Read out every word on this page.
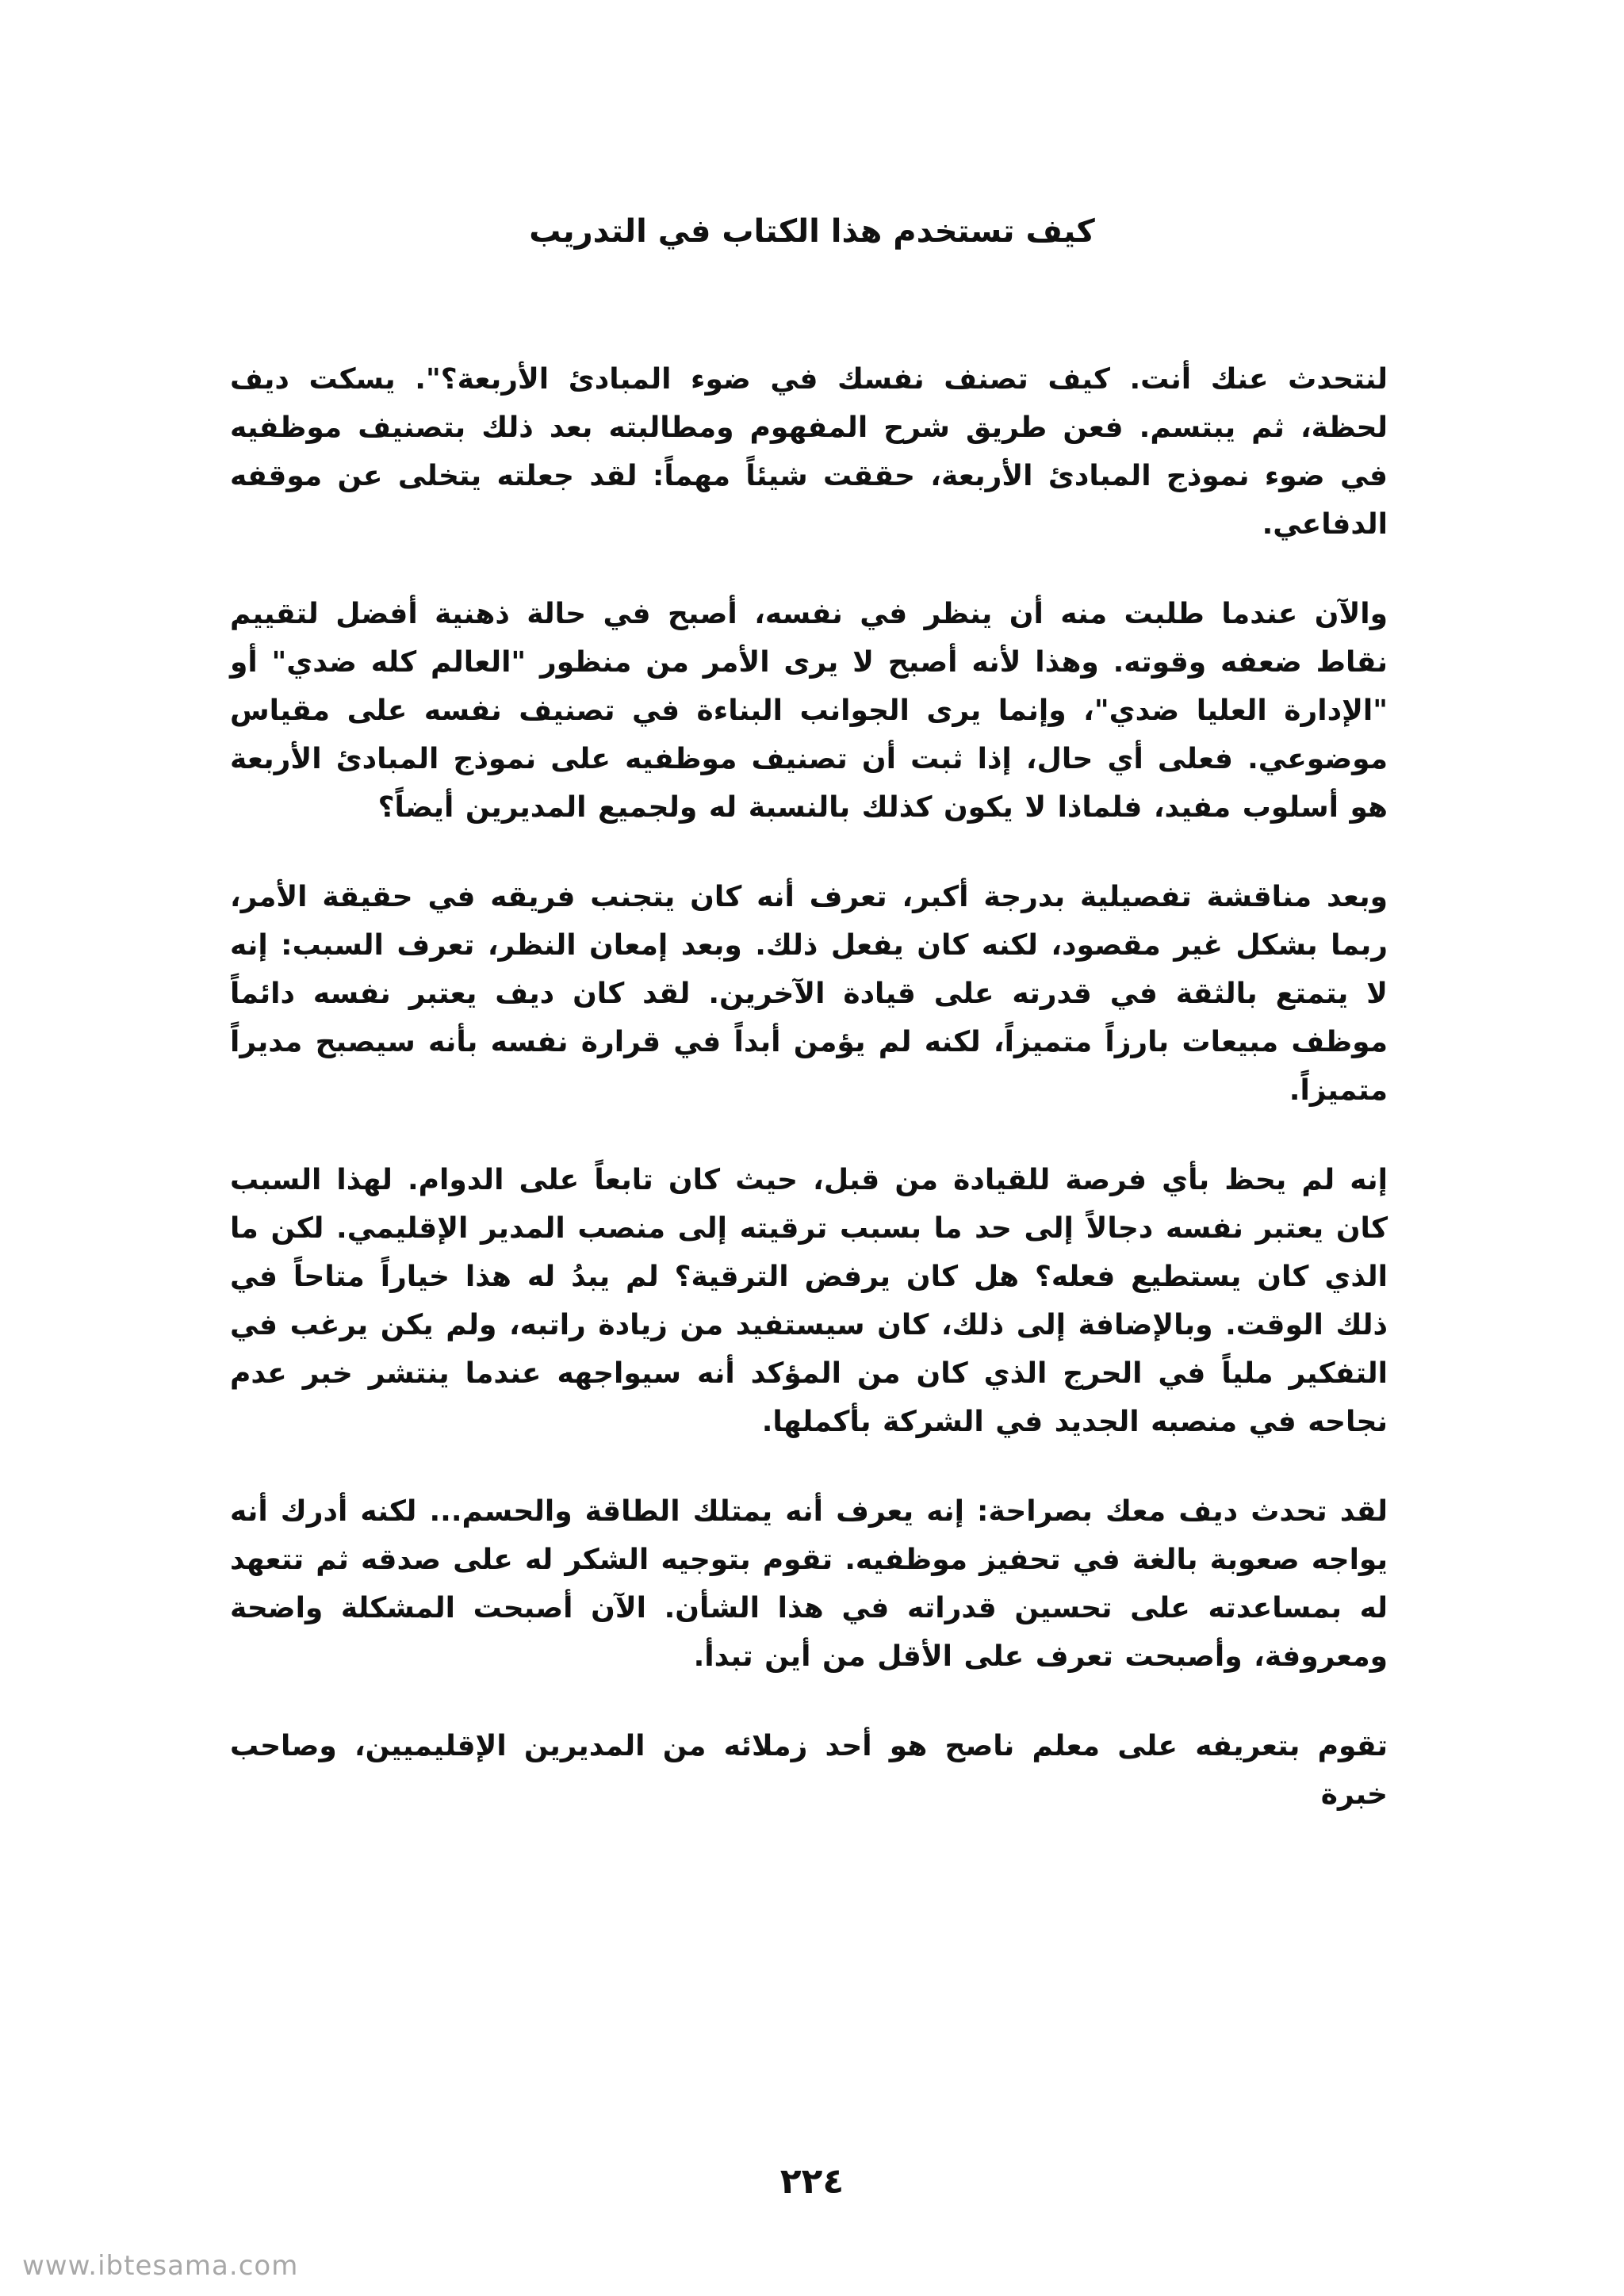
كيف تستخدم هذا الكتاب في التدريب

لنتحدث عنك أنت. كيف تصنف نفسك في ضوء المبادئ الأربعة؟". يسكت ديف لحظة، ثم يبتسم. فعن طريق شرح المفهوم ومطالبته بعد ذلك بتصنيف موظفيه في ضوء نموذج المبادئ الأربعة، حققت شيئاً مهماً: لقد جعلته يتخلى عن موقفه الدفاعي.

والآن عندما طلبت منه أن ينظر في نفسه، أصبح في حالة ذهنية أفضل لتقييم نقاط ضعفه وقوته. وهذا لأنه أصبح لا يرى الأمر من منظور "العالم كله ضدي" أو "الإدارة العليا ضدي"، وإنما يرى الجوانب البناءة في تصنيف نفسه على مقياس موضوعي. فعلى أي حال، إذا ثبت أن تصنيف موظفيه على نموذج المبادئ الأربعة هو أسلوب مفيد، فلماذا لا يكون كذلك بالنسبة له ولجميع المديرين أيضاً؟

وبعد مناقشة تفصيلية بدرجة أكبر، تعرف أنه كان يتجنب فريقه في حقيقة الأمر، ربما بشكل غير مقصود، لكنه كان يفعل ذلك. وبعد إمعان النظر، تعرف السبب: إنه لا يتمتع بالثقة في قدرته على قيادة الآخرين. لقد كان ديف يعتبر نفسه دائماً موظف مبيعات بارزاً متميزاً، لكنه لم يؤمن أبداً في قرارة نفسه بأنه سيصبح مديراً متميزاً.

إنه لم يحظ بأي فرصة للقيادة من قبل، حيث كان تابعاً على الدوام. لهذا السبب كان يعتبر نفسه دجالاً إلى حد ما بسبب ترقيته إلى منصب المدير الإقليمي. لكن ما الذي كان يستطيع فعله؟ هل كان يرفض الترقية؟ لم يبدُ له هذا خياراً متاحاً في ذلك الوقت. وبالإضافة إلى ذلك، كان سيستفيد من زيادة راتبه، ولم يكن يرغب في التفكير ملياً في الحرج الذي كان من المؤكد أنه سيواجهه عندما ينتشر خبر عدم نجاحه في منصبه الجديد في الشركة بأكملها.

لقد تحدث ديف معك بصراحة: إنه يعرف أنه يمتلك الطاقة والحسم... لكنه أدرك أنه يواجه صعوبة بالغة في تحفيز موظفيه. تقوم بتوجيه الشكر له على صدقه ثم تتعهد له بمساعدته على تحسين قدراته في هذا الشأن. الآن أصبحت المشكلة واضحة ومعروفة، وأصبحت تعرف على الأقل من أين تبدأ.

تقوم بتعريفه على معلم ناصح هو أحد زملائه من المديرين الإقليميين، وصاحب خبرة

٢٢٤
www.ibtesama.com
